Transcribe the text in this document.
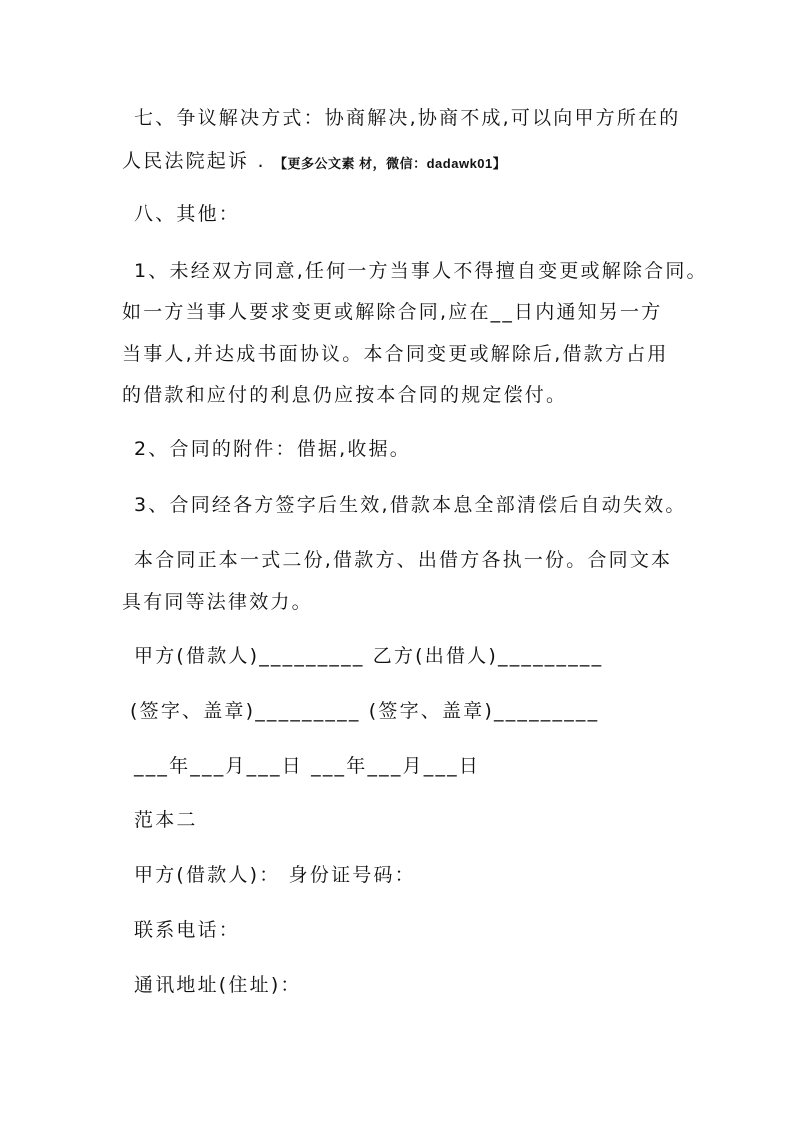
七、争议解决方式：协商解决,协商不成,可以向甲方所在的
人民法院起诉 . 【更多公文素 材，微信：dadawk01】
八、其他：
1、未经双方同意,任何一方当事人不得擅自变更或解除合同。
如一方当事人要求变更或解除合同,应在__日内通知另一方
当事人,并达成书面协议。本合同变更或解除后,借款方占用
的借款和应付的利息仍应按本合同的规定偿付。
2、合同的附件：借据,收据。
3、合同经各方签字后生效,借款本息全部清偿后自动失效。
本合同正本一式二份,借款方、出借方各执一份。合同文本
具有同等法律效力。
甲方(借款人)_________ 乙方(出借人)_________
(签字、盖章)_________ (签字、盖章)_________
___年___月___日 ___年___月___日
范本二
甲方(借款人)： 身份证号码：
联系电话：
通讯地址(住址)：
